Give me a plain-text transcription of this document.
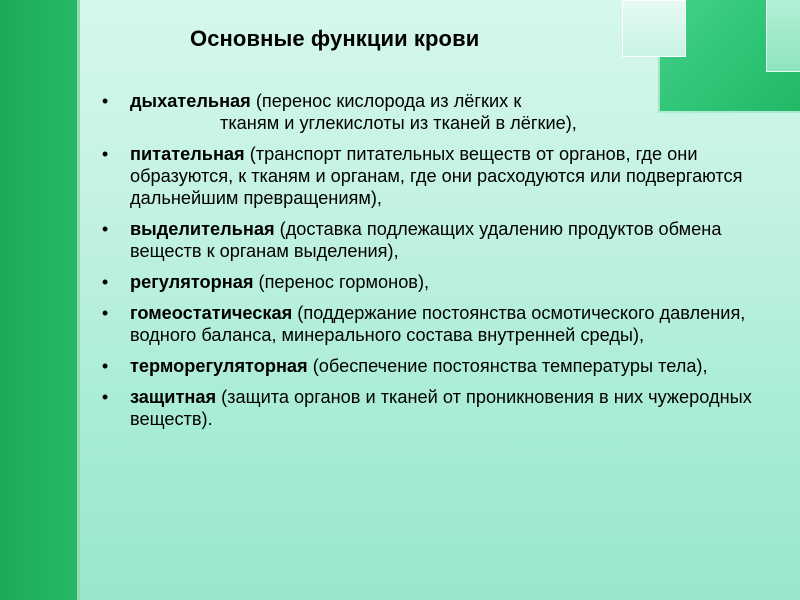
Основные функции крови
• дыхательная (перенос кислорода из лёгких к
тканям и углекислоты из тканей в лёгкие),
• питательная (транспорт питательных веществ от органов, где они образуются, к тканям и органам, где они расходуются или подвергаются дальнейшим превращениям),
• выделительная (доставка подлежащих удалению продуктов обмена веществ к органам выделения),
• регуляторная (перенос гормонов),
• гомеостатическая (поддержание постоянства осмотического давления, водного баланса, минерального состава внутренней среды),
• терморегуляторная (обеспечение постоянства температуры тела),
• защитная (защита органов и тканей от проникновения в них чужеродных веществ).
